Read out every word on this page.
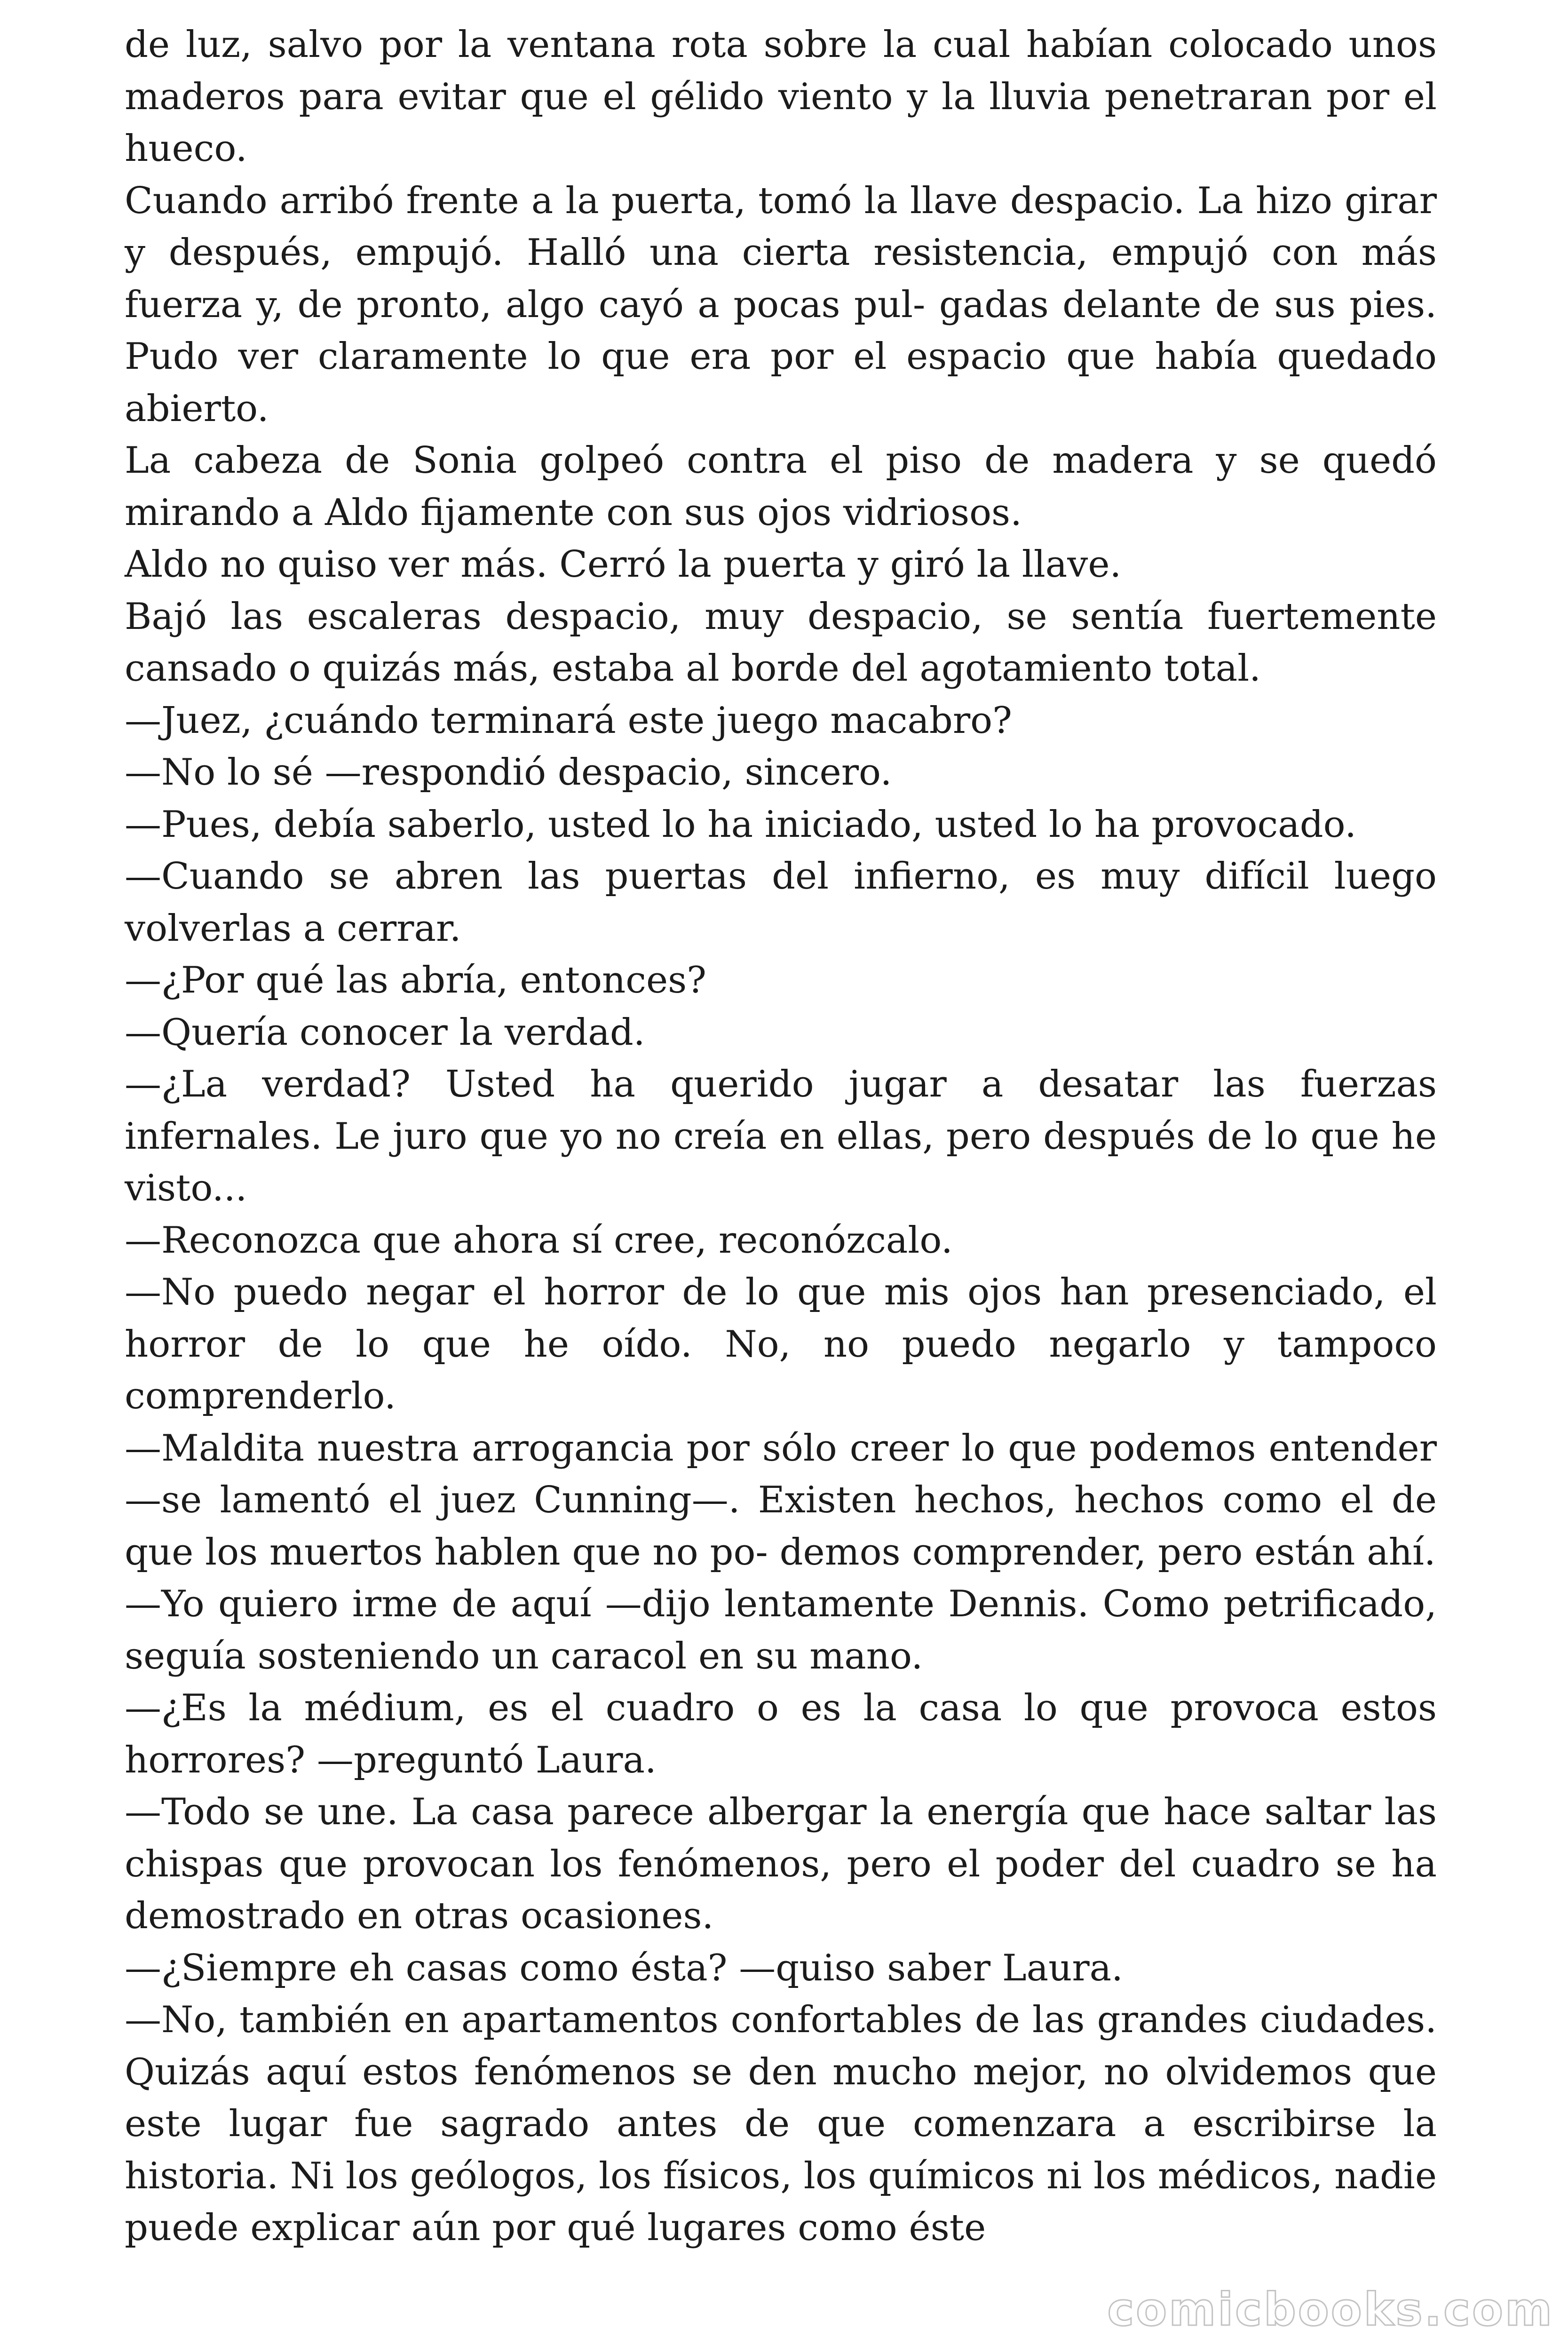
de luz, salvo por la ventana rota sobre la cual habían colocado unos maderos para evitar que el gélido viento y la lluvia penetraran por el hueco.

Cuando arribó frente a la puerta, tomó la llave despacio. La hizo girar y después, empujó. Halló una cierta resistencia, empujó con más fuerza y, de pronto, algo cayó a pocas pul- gadas delante de sus pies. Pudo ver claramente lo que era por el espacio que había quedado abierto.

La cabeza de Sonia golpeó contra el piso de madera y se quedó mirando a Aldo fijamente con sus ojos vidriosos.

Aldo no quiso ver más. Cerró la puerta y giró la llave.

Bajó las escaleras despacio, muy despacio, se sentía fuertemente cansado o quizás más, estaba al borde del agotamiento total.

—Juez, ¿cuándo terminará este juego macabro?

—No lo sé —respondió despacio, sincero.

—Pues, debía saberlo, usted lo ha iniciado, usted lo ha provocado.

—Cuando se abren las puertas del infierno, es muy difícil luego volverlas a cerrar.

—¿Por qué las abría, entonces?

—Quería conocer la verdad.

—¿La verdad? Usted ha querido jugar a desatar las fuerzas infernales. Le juro que yo no creía en ellas, pero después de lo que he visto...

—Reconozca que ahora sí cree, reconózcalo.

—No puedo negar el horror de lo que mis ojos han presenciado, el horror de lo que he oído. No, no puedo negarlo y tampoco comprenderlo.

—Maldita nuestra arrogancia por sólo creer lo que podemos entender —se lamentó el juez Cunning—. Existen hechos, hechos como el de que los muertos hablen que no po- demos comprender, pero están ahí.

—Yo quiero irme de aquí —dijo lentamente Dennis. Como petrificado, seguía sosteniendo un caracol en su mano.

—¿Es la médium, es el cuadro o es la casa lo que provoca estos horrores? —preguntó Laura.

—Todo se une. La casa parece albergar la energía que hace saltar las chispas que provocan los fenómenos, pero el poder del cuadro se ha demostrado en otras ocasiones.

—¿Siempre eh casas como ésta? —quiso saber Laura.

—No, también en apartamentos confortables de las grandes ciudades. Quizás aquí estos fenómenos se den mucho mejor, no olvidemos que este lugar fue sagrado antes de que comenzara a escribirse la historia. Ni los geólogos, los físicos, los químicos ni los médicos, nadie puede explicar aún por qué lugares como éste

comicbooks.com
